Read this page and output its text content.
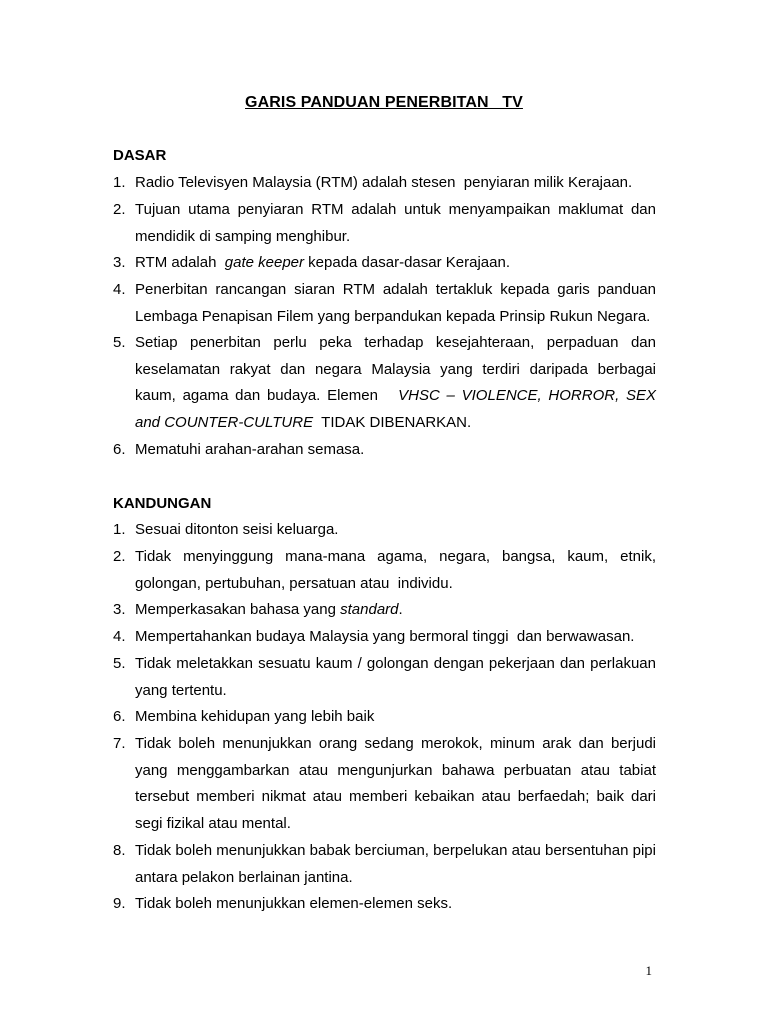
GARIS PANDUAN PENERBITAN   TV
DASAR
1. Radio Televisyen Malaysia (RTM) adalah stesen  penyiaran milik Kerajaan.
2. Tujuan utama penyiaran RTM adalah untuk menyampaikan maklumat dan mendidik di samping menghibur.
3. RTM adalah  gate keeper kepada dasar-dasar Kerajaan.
4. Penerbitan rancangan siaran RTM adalah tertakluk kepada garis panduan Lembaga Penapisan Filem yang berpandukan kepada Prinsip Rukun Negara.
5. Setiap penerbitan perlu peka terhadap kesejahteraan, perpaduan dan keselamatan rakyat dan negara Malaysia yang terdiri daripada berbagai kaum, agama dan budaya. Elemen   VHSC – VIOLENCE, HORROR, SEX and COUNTER-CULTURE  TIDAK DIBENARKAN.
6. Mematuhi arahan-arahan semasa.
KANDUNGAN
1. Sesuai ditonton seisi keluarga.
2. Tidak menyinggung mana-mana agama, negara, bangsa, kaum, etnik, golongan, pertubuhan, persatuan atau  individu.
3. Memperkasakan bahasa yang standard.
4. Mempertahankan budaya Malaysia yang bermoral tinggi  dan berwawasan.
5. Tidak meletakkan sesuatu kaum / golongan dengan pekerjaan dan perlakuan yang tertentu.
6. Membina kehidupan yang lebih baik
7. Tidak boleh menunjukkan orang sedang merokok, minum arak dan berjudi yang menggambarkan atau mengunjurkan bahawa perbuatan atau tabiat tersebut memberi nikmat atau memberi kebaikan atau berfaedah; baik dari segi fizikal atau mental.
8. Tidak boleh menunjukkan babak berciuman, berpelukan atau bersentuhan pipi antara pelakon berlainan jantina.
9. Tidak boleh menunjukkan elemen-elemen seks.
1
